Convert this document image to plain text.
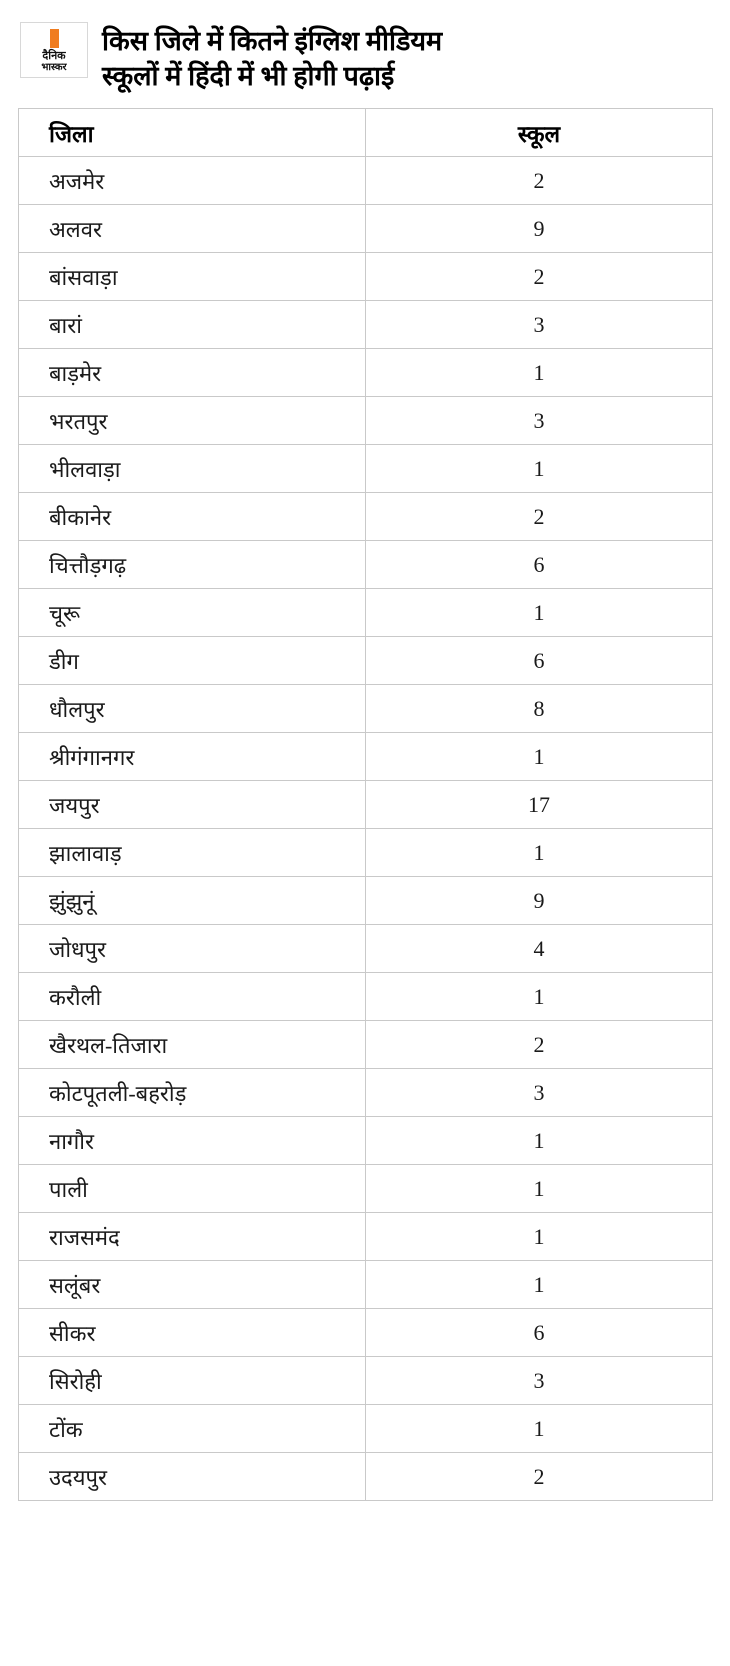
दैनिक
भास्कर
किस जिले में कितने इंग्लिश मीडियम
स्कूलों में हिंदी में भी होगी पढ़ाई
जिला	स्कूल
अजमेर	2
अलवर	9
बांसवाड़ा	2
बारां	3
बाड़मेर	1
भरतपुर	3
भीलवाड़ा	1
बीकानेर	2
चित्तौड़गढ़	6
चूरू	1
डीग	6
धौलपुर	8
श्रीगंगानगर	1
जयपुर	17
झालावाड़	1
झुंझुनूं	9
जोधपुर	4
करौली	1
खैरथल-तिजारा	2
कोटपूतली-बहरोड़	3
नागौर	1
पाली	1
राजसमंद	1
सलूंबर	1
सीकर	6
सिरोही	3
टोंक	1
उदयपुर	2
